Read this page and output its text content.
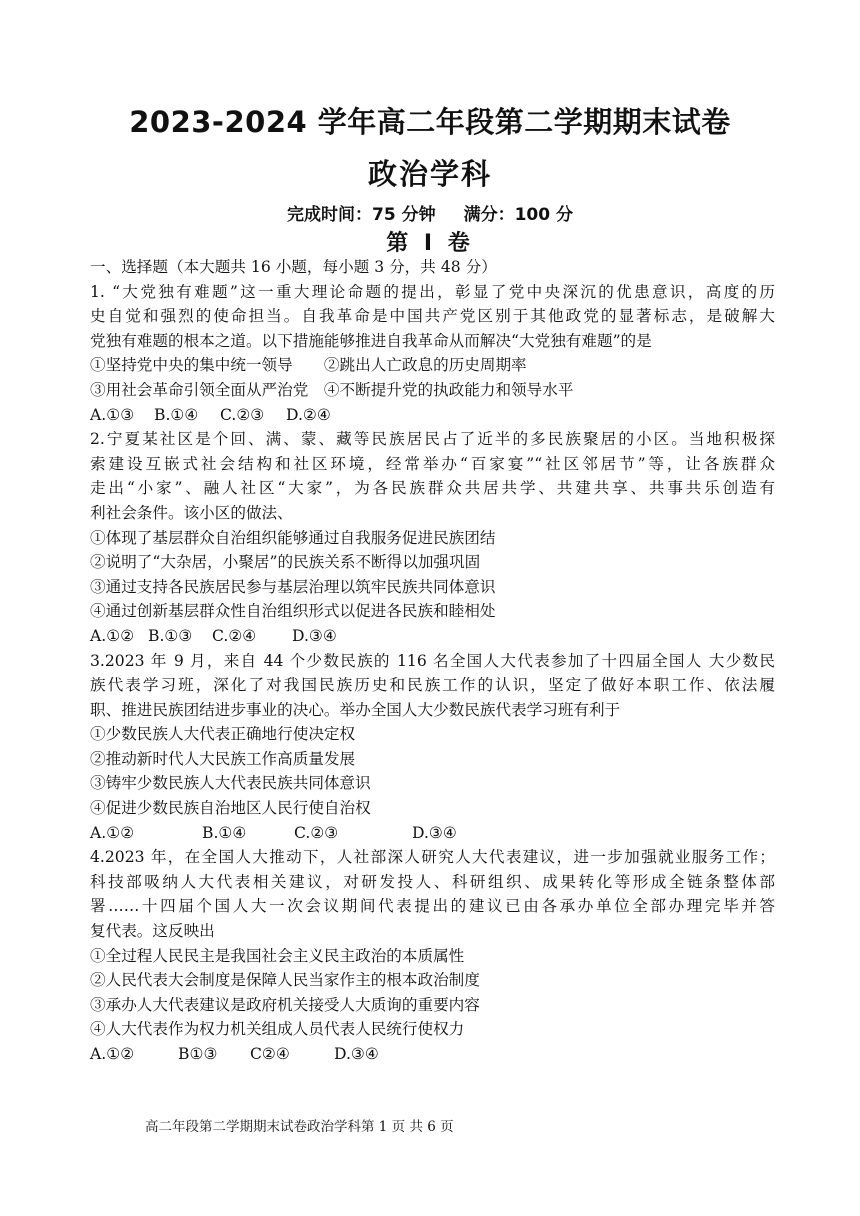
2023-2024 学年高二年段第二学期期末试卷
政治学科
完成时间：75 分钟 满分：100 分
第 Ⅰ 卷
一、选择题（本大题共 16 小题，每小题 3 分，共 48 分）
1. “大党独有难题”这一重大理论命题的提出，彰显了党中央深沉的优患意识，高度的历
史自觉和强烈的使命担当。自我革命是中国共产党区别于其他政党的显著标志，是破解大
党独有难题的根本之道。以下措施能够推进自我革命从而解决“大党独有难题”的是
①坚持党中央的集中统一领导　　②跳出人亡政息的历史周期率
③用社会革命引领全面从严治党　④不断提升党的执政能力和领导水平
A.①③ B.①④ C.②③ D.②④
2.宁夏某社区是个回、满、蒙、藏等民族居民占了近半的多民族聚居的小区。当地积极探
索建设互嵌式社会结构和社区环境，经常举办“百家宴”“社区邻居节”等，让各族群众
走出“小家”、融人社区“大家”，为各民族群众共居共学、共建共享、共事共乐创造有
利社会条件。该小区的做法、
①体现了基层群众自治组织能够通过自我服务促进民族团结
②说明了“大杂居，小聚居”的民族关系不断得以加强巩固
③通过支持各民族居民参与基层治理以筑牢民族共同体意识
④通过创新基层群众性自治组织形式以促进各民族和睦相处
A.①② B.①③ C.②④ D.③④
3.2023 年 9 月，来自 44 个少数民族的 116 名全国人大代表参加了十四届全国人 大少数民
族代表学习班，深化了对我国民族历史和民族工作的认识，坚定了做好本职工作、依法履
职、推进民族团结进步事业的决心。举办全国人大少数民族代表学习班有利于
①少数民族人大代表正确地行使决定权
②推动新时代人大民族工作高质量发展
③铸牢少数民族人大代表民族共同体意识
④促进少数民族自治地区人民行使自治权
A.①②	B.①④	C.②③	D.③④
4.2023 年，在全国人大推动下，人社部深人研究人大代表建议，进一步加强就业服务工作；
科技部吸纳人大代表相关建议，对研发投人、科研组织、成果转化等形成全链条整体部
署……十四届个国人大一次会议期间代表提出的建议已由各承办单位全部办理完毕并答
复代表。这反映出
①全过程人民民主是我国社会主义民主政治的本质属性
②人民代表大会制度是保障人民当家作主的根本政治制度
③承办人大代表建议是政府机关接受人大质询的重要内容
④人大代表作为权力机关组成人员代表人民统行使权力
A.①②	B①③ C②④	D.③④
高二年段第二学期期末试卷政治学科第 1 页 共 6 页
